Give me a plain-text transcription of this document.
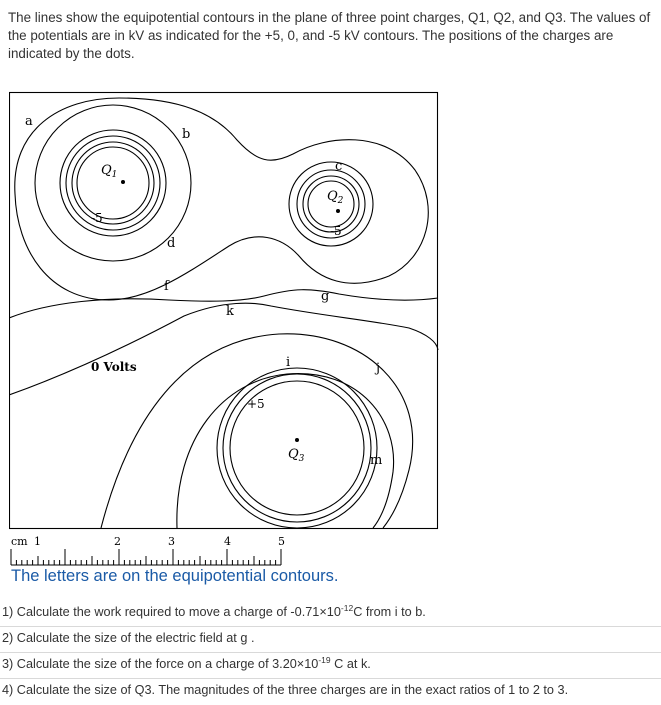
The lines show the equipotential contours in the plane of three point charges, Q1, Q2, and Q3. The values of the potentials are in kV as indicated for the +5, 0, and -5 kV contours. The positions of the charges are indicated by the dots.

a
b
c
d
f
k
g
i	j
m
$Q_1$
$Q_2$
$Q_3$
-5
-5
0 Volts
+5
cm 1	2	3	4	5

The letters are on the equipotential contours.

1) Calculate the work required to move a charge of $-0.71\times 10^{-12}C$ from i to b.

2) Calculate the size of the electric field at g .

3) Calculate the size of the force on a charge of $3.20\times 10^{-19}$ C at k.

4) Calculate the size of Q3. The magnitudes of the three charges are in the exact ratios of 1 to 2 to 3.
